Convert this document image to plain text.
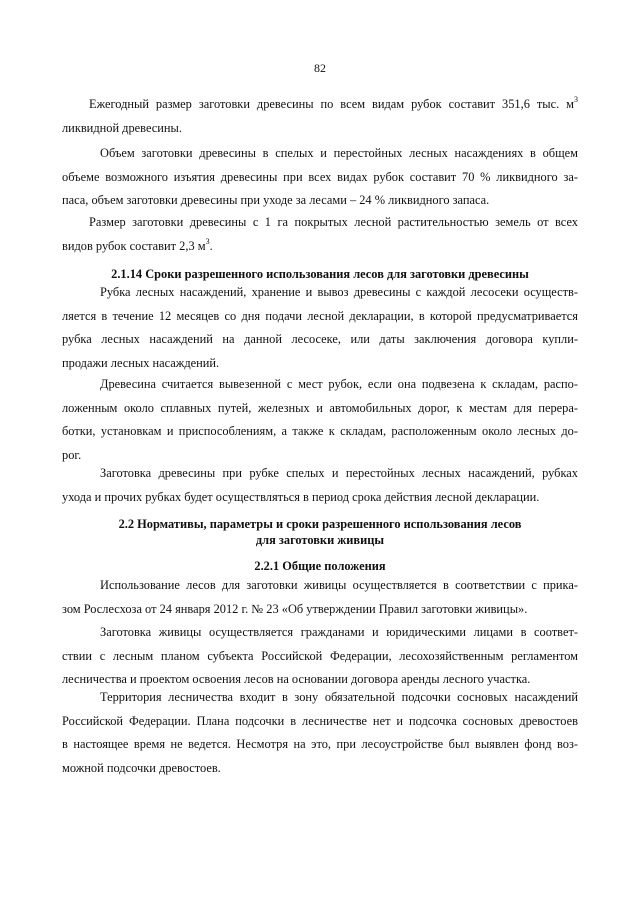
82
Ежегодный размер заготовки древесины по всем видам рубок составит 351,6 тыс. $м^3$
ликвидной древесины.
Объем заготовки древесины в спелых и перестойных лесных насаждениях в общем
объеме возможного изъятия древесины при всех видах рубок составит 70 % ликвидного за-
паса, объем заготовки древесины при уходе за лесами – 24 % ликвидного запаса.
Размер заготовки древесины с 1 га покрытых лесной растительностью земель от всех
видов рубок составит 2,3 $м^3$.
2.1.14 Сроки разрешенного использования лесов для заготовки древесины
Рубка лесных насаждений, хранение и вывоз древесины с каждой лесосеки осуществ-
ляется в течение 12 месяцев со дня подачи лесной декларации, в которой предусматривается
рубка лесных насаждений на данной лесосеке, или даты заключения договора купли-
продажи лесных насаждений.
Древесина считается вывезенной с мест рубок, если она подвезена к складам, распо-
ложенным около сплавных путей, железных и автомобильных дорог, к местам для перера-
ботки, установкам и приспособлениям, а также к складам, расположенным около лесных до-
рог.
Заготовка древесины при рубке спелых и перестойных лесных насаждений, рубках
ухода и прочих рубках будет осуществляться в период срока действия лесной декларации.
2.2 Нормативы, параметры и сроки разрешенного использования лесов
для заготовки живицы
2.2.1 Общие положения
Использование лесов для заготовки живицы осуществляется в соответствии с прика-
зом Рослесхоза от 24 января 2012 г. № 23 «Об утверждении Правил заготовки живицы».
Заготовка живицы осуществляется гражданами и юридическими лицами в соответ-
ствии с лесным планом субъекта Российской Федерации, лесохозяйственным регламентом
лесничества и проектом освоения лесов на основании договора аренды лесного участка.
Территория лесничества входит в зону обязательной подсочки сосновых насаждений
Российской Федерации. Плана подсочки в лесничестве нет и подсочка сосновых древостоев
в настоящее время не ведется. Несмотря на это, при лесоустройстве был выявлен фонд воз-
можной подсочки древостоев.
